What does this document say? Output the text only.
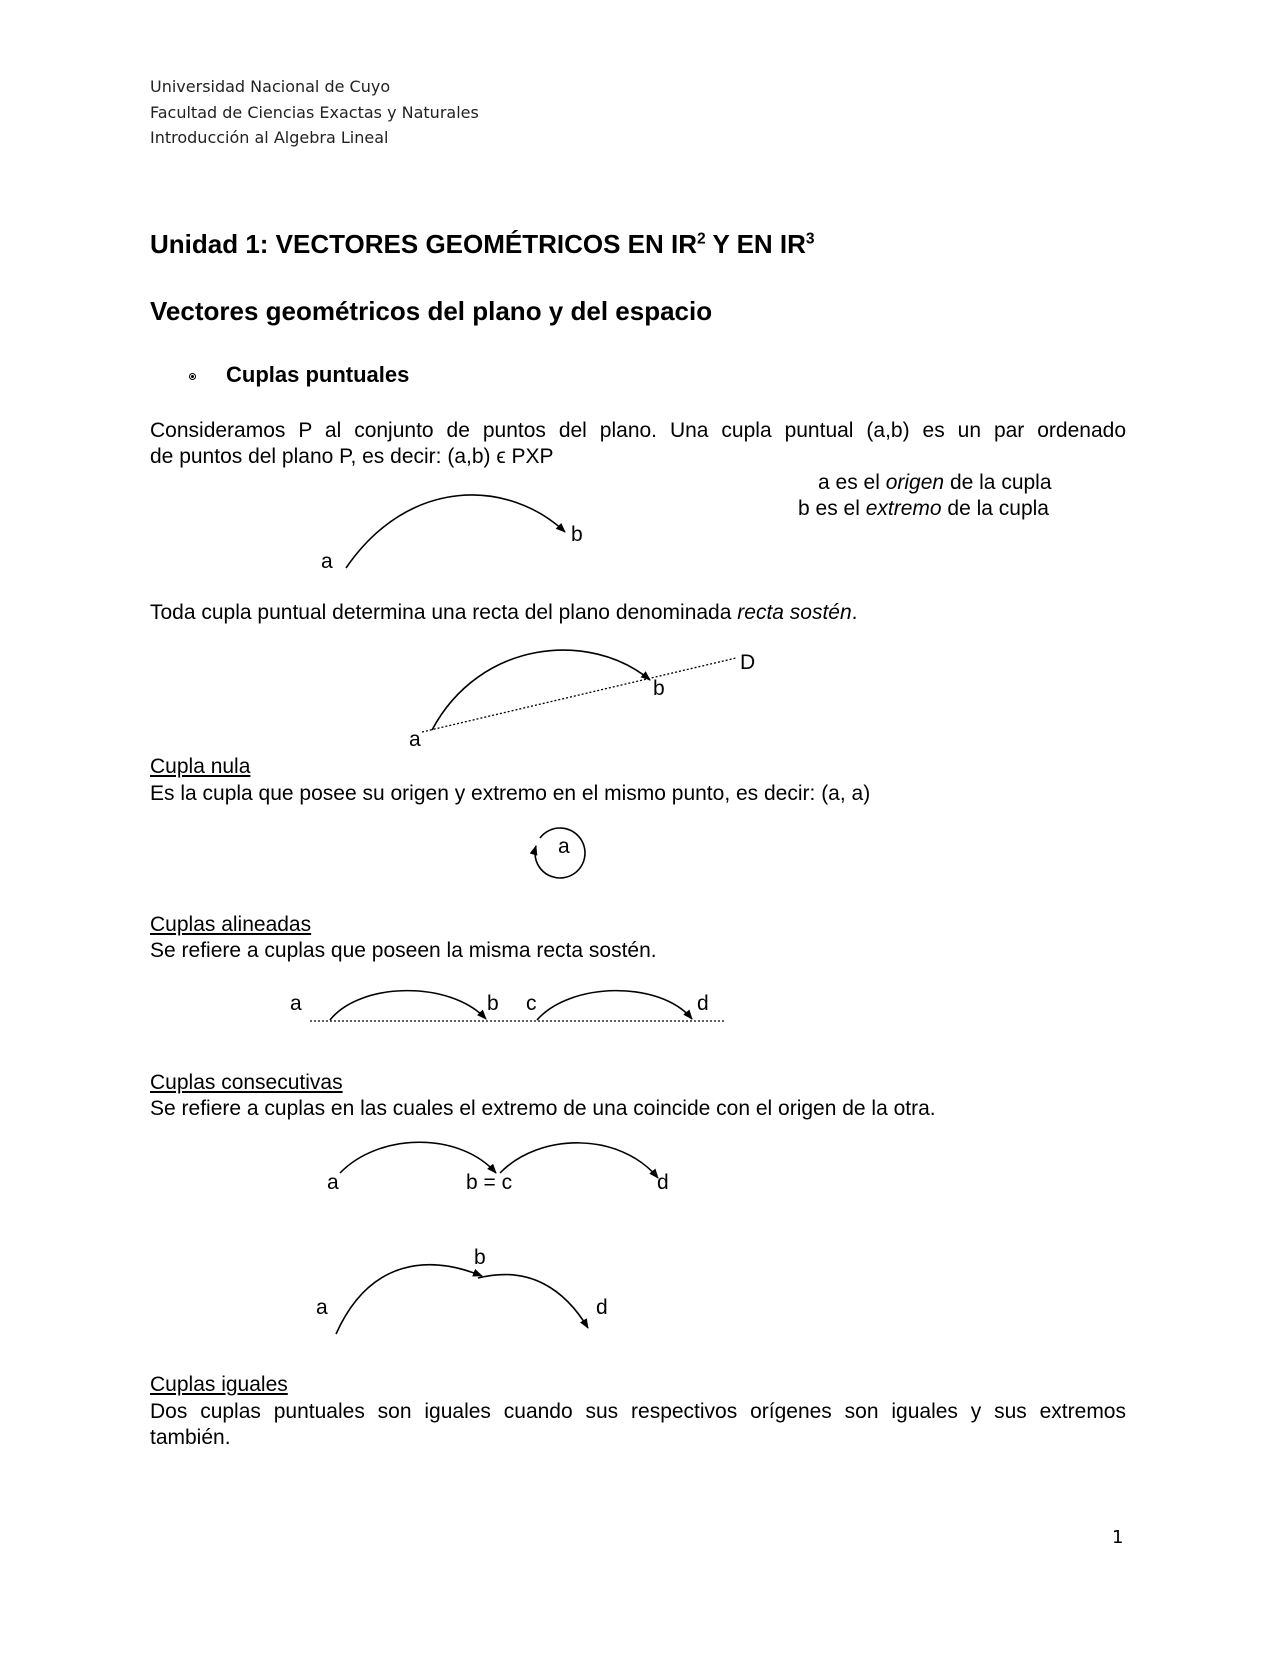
Universidad Nacional de Cuyo
Facultad de Ciencias Exactas y Naturales
Introducción al Algebra Lineal
Unidad 1: VECTORES GEOMÉTRICOS EN $IR^2$ Y EN $IR^3$
Vectores geométricos del plano y del espacio
Cuplas puntuales
Consideramos P al conjunto de puntos del plano. Una cupla puntual (a,b) es un par ordenado
de puntos del plano P, es decir: (a,b) ϵ PXP
a es el origen de la cupla
b es el extremo de la cupla
a
b
Toda cupla puntual determina una recta del plano denominada recta sostén.
a
b
D
Cupla nula
Es la cupla que posee su origen y extremo en el mismo punto, es decir: (a, a)
a
Cuplas alineadas
Se refiere a cuplas que poseen la misma recta sostén.
a	b c	d
Cuplas consecutivas
Se refiere a cuplas en las cuales el extremo de una coincide con el origen de la otra.
a	b = c	d
a
b
d
Cuplas iguales
Dos cuplas puntuales son iguales cuando sus respectivos orígenes son iguales y sus extremos
también.
1
